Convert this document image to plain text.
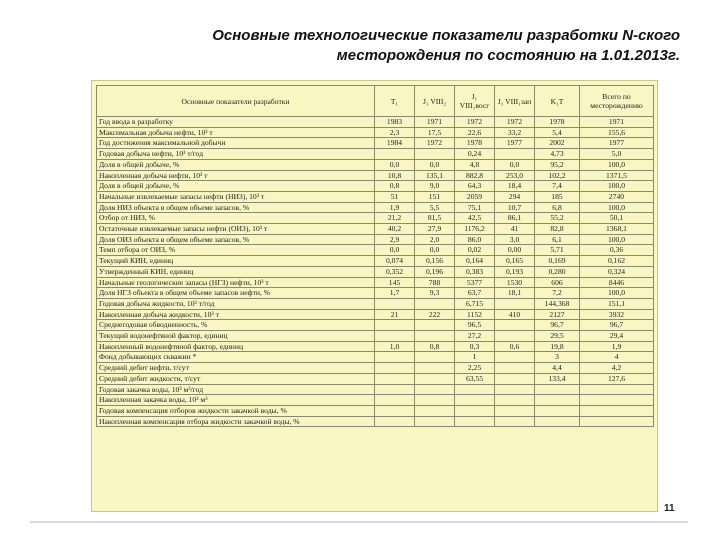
Основные технологические показатели разработки N-ского
месторождения по состоянию на 1.01.2013г.
Основные показатели разработки	T₁	J₁ VIII₂	J₁ VIII₁восг	J₁ VIII₁зап	K₁T	Всего по месторождению
Год ввода в разработку	1983	1971	1972	1972	1978	1971
Максимальная добыча нефти, 10³ т	2,3	17,5	22,6	33,2	5,4	155,6
Год достижения максимальной добычи	1984	1972	1978	1977	2002	1977
Годовая добыча нефти, 10³ т/год			0,24		4,73	5,0
Доля в общей добыче, %	0,0	0,0	4,8	0,0	95,2	100,0
Накопленная добыча нефти, 10³ т	10,8	135,1	882,8	253,0	102,2	1371,5
Доля в общей добыче, %	0,8	9,0	64,3	18,4	7,4	100,0
Начальные извлекаемые запасы нефти (НИЗ), 10³ т	51	151	2059	294	185	2740
Доля НИЗ объекта в общем объеме запасов, %	1,9	5,5	75,1	10,7	6,8	100,0
Отбор от НИЗ, %	21,2	81,5	42,5	86,1	55,2	50,1
Остаточные извлекаемые запасы нефти (ОИЗ), 10³ т	40,2	27,9	1176,2	41	82,8	1368,1
Доля ОИЗ объекта в общем объеме запасов, %	2,9	2,0	86,0	3,0	6,1	100,0
Темп отбора от ОИЗ, %	0,0	0,0	0,02	0,00	5,71	0,36
Текущий КИН, единиц	0,074	0,156	0,164	0,165	0,169	0,162
Утвержденный КИН, единиц	0,352	0,196	0,383	0,193	0,280	0,324
Начальные геологические запасы (НГЗ) нефти, 10³ т	145	788	5377	1530	606	8446
Доля НГЗ объекта в общем объеме запасов нефти, %	1,7	9,3	63,7	18,1	7,2	100,0
Годовая добыча жидкости, 10³ т/год			6,715		144,368	151,1
Накопленная добыча жидкости, 10³ т	21	222	1152	410	2127	3932
Среднегодовая обводненность, %			96,5		96,7	96,7
Текущий водонефтяной фактор, единиц			27,2		29,5	29,4
Накопленный водонефтяной фактор, единиц	1,0	0,8	0,3	0,6	19,8	1,9
Фонд добывающих скважин *			1		3	4
Средний дебит нефти, т/сут			2,25		4,4	4,2
Средний дебит жидкости, т/сут			63,55		133,4	127,6
Годовая закачка воды, 10³ м³/год						
Накопленная закачка воды, 10³ м³						
Годовая компенсация отборов жидкости закачкой воды, %						
Накопленная компенсация отбора жидкости закачкой воды, %						
11
